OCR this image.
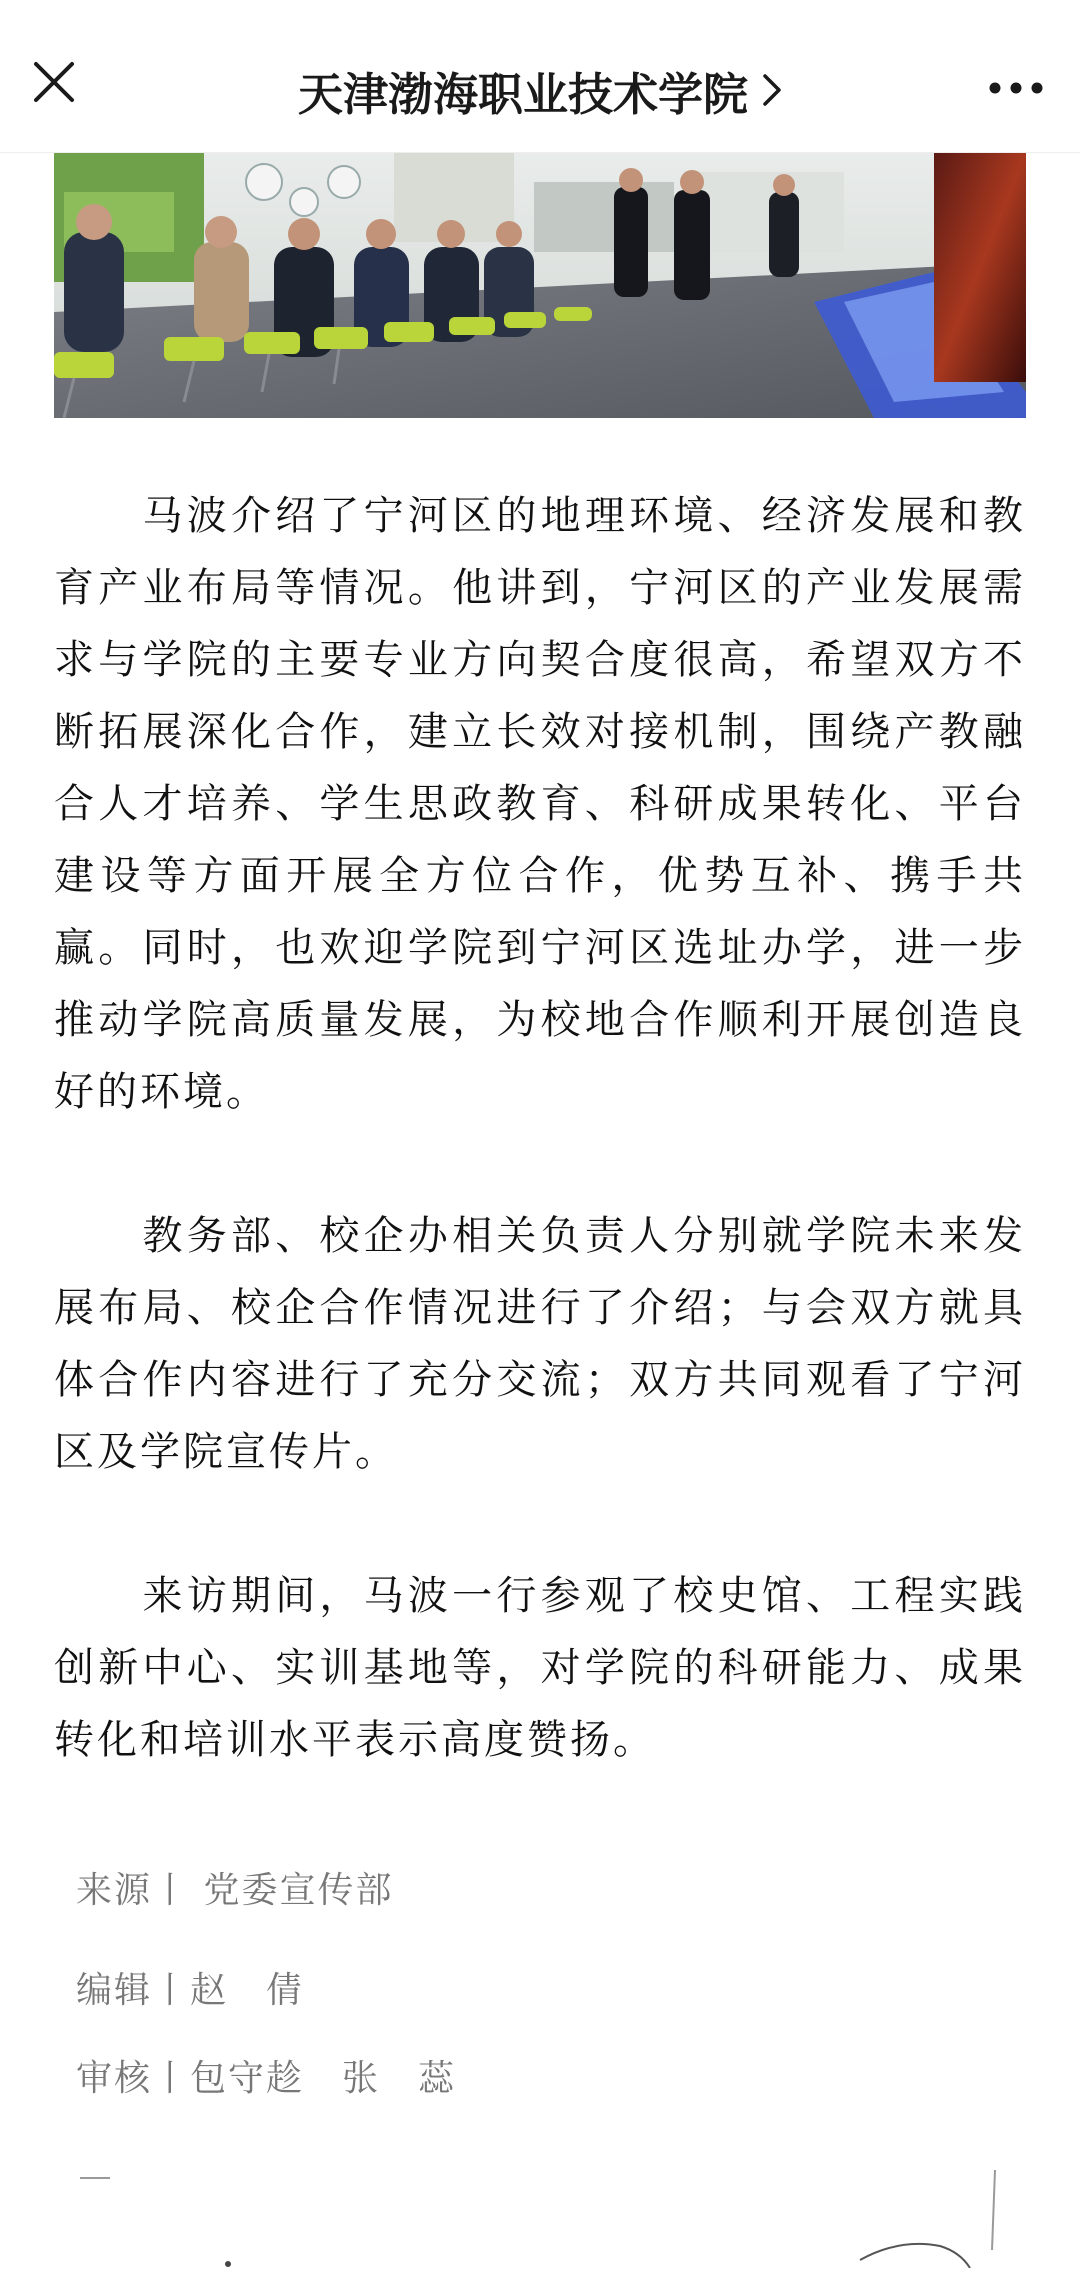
天津渤海职业技术学院

　　马波介绍了宁河区的地理环境、经济发展和教育产业布局等情况。他讲到，宁河区的产业发展需求与学院的主要专业方向契合度很高，希望双方不断拓展深化合作，建立长效对接机制，围绕产教融合人才培养、学生思政教育、科研成果转化、平台建设等方面开展全方位合作，优势互补、携手共赢。同时，也欢迎学院到宁河区选址办学，进一步推动学院高质量发展，为校地合作顺利开展创造良好的环境。

　　教务部、校企办相关负责人分别就学院未来发展布局、校企合作情况进行了介绍；与会双方就具体合作内容进行了充分交流；双方共同观看了宁河区及学院宣传片。

　　来访期间，马波一行参观了校史馆、工程实践创新中心、实训基地等，对学院的科研能力、成果转化和培训水平表示高度赞扬。

来源丨 党委宣传部
编辑丨赵　倩
审核丨包守趁　张　蕊
